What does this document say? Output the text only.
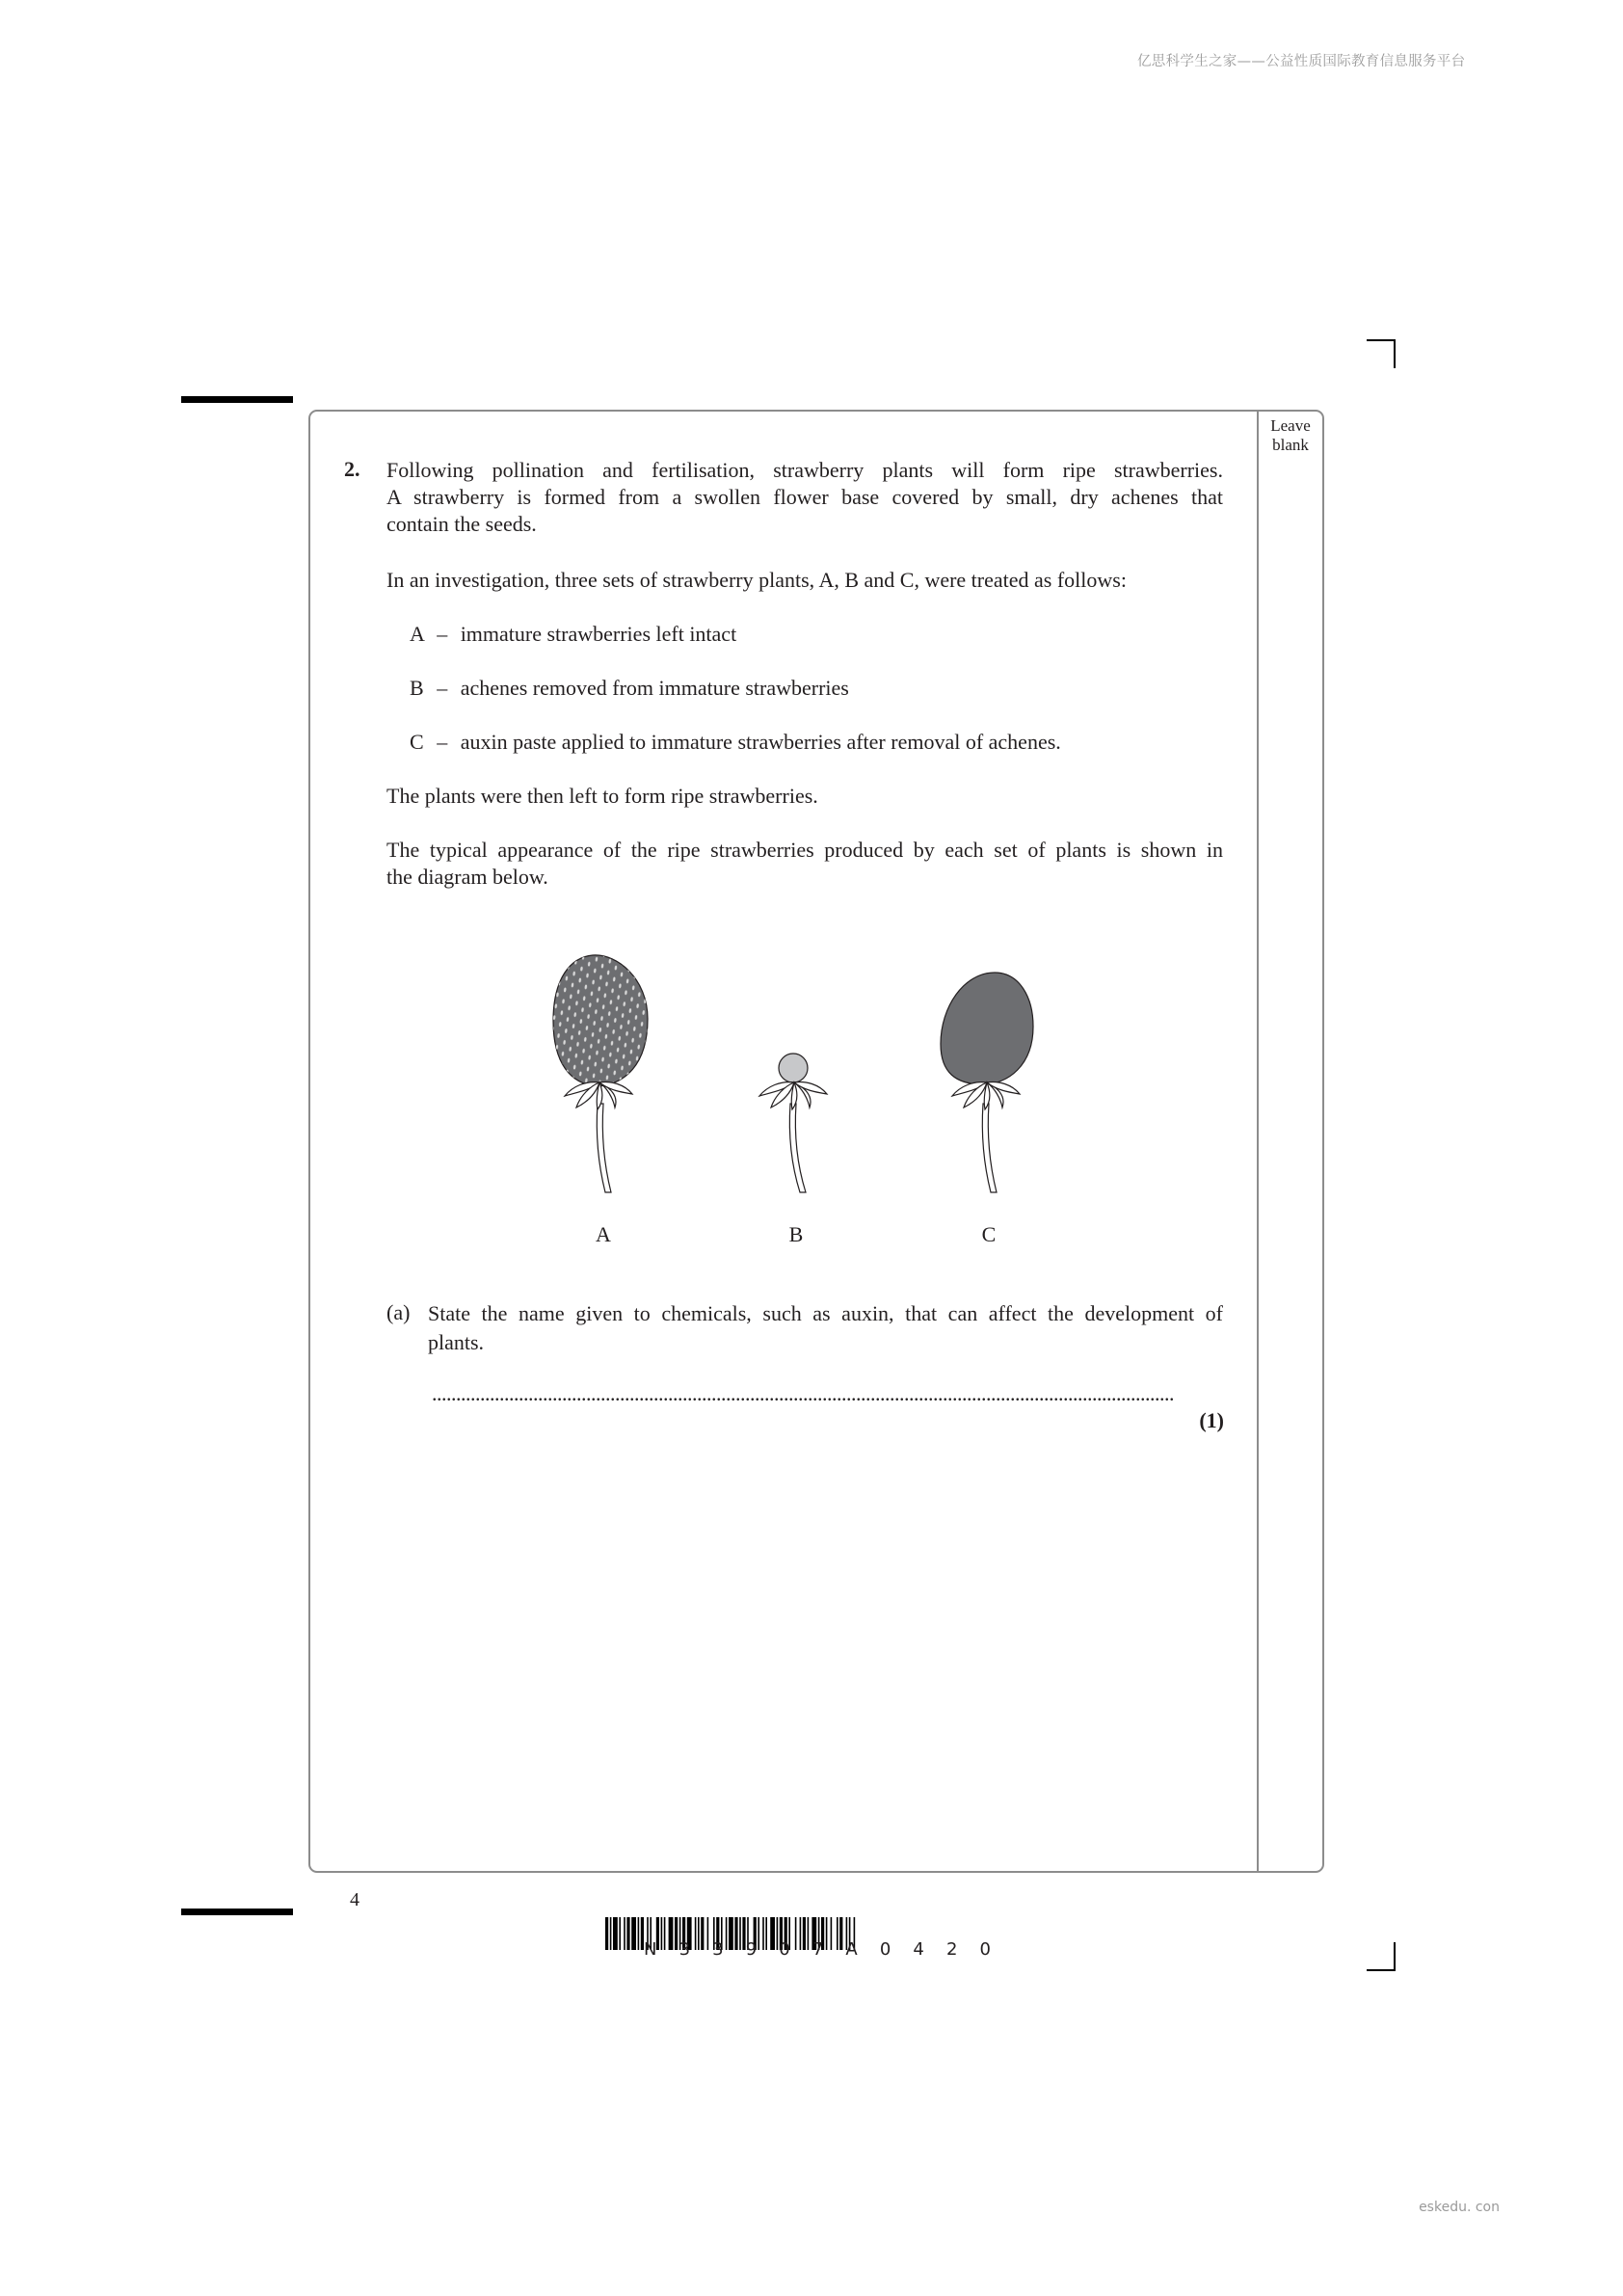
亿思科学生之家——公益性质国际教育信息服务平台
eskedu. con
Leave
blank
2. Following pollination and fertilisation, strawberry plants will form ripe strawberries.
A strawberry is formed from a swollen flower base covered by small, dry achenes that
contain the seeds.
In an investigation, three sets of strawberry plants, A, B and C, were treated as follows:
A – immature strawberries left intact
B – achenes removed from immature strawberries
C – auxin paste applied to immature strawberries after removal of achenes.
The plants were then left to form ripe strawberries.
The typical appearance of the ripe strawberries produced by each set of plants is shown in
the diagram below.
A	B	C
(a) State the name given to chemicals, such as auxin, that can affect the development of
plants.
..........................................................................................................................................................
(1)
4
N 3 3 9 0 7 A 0 4 2 0
